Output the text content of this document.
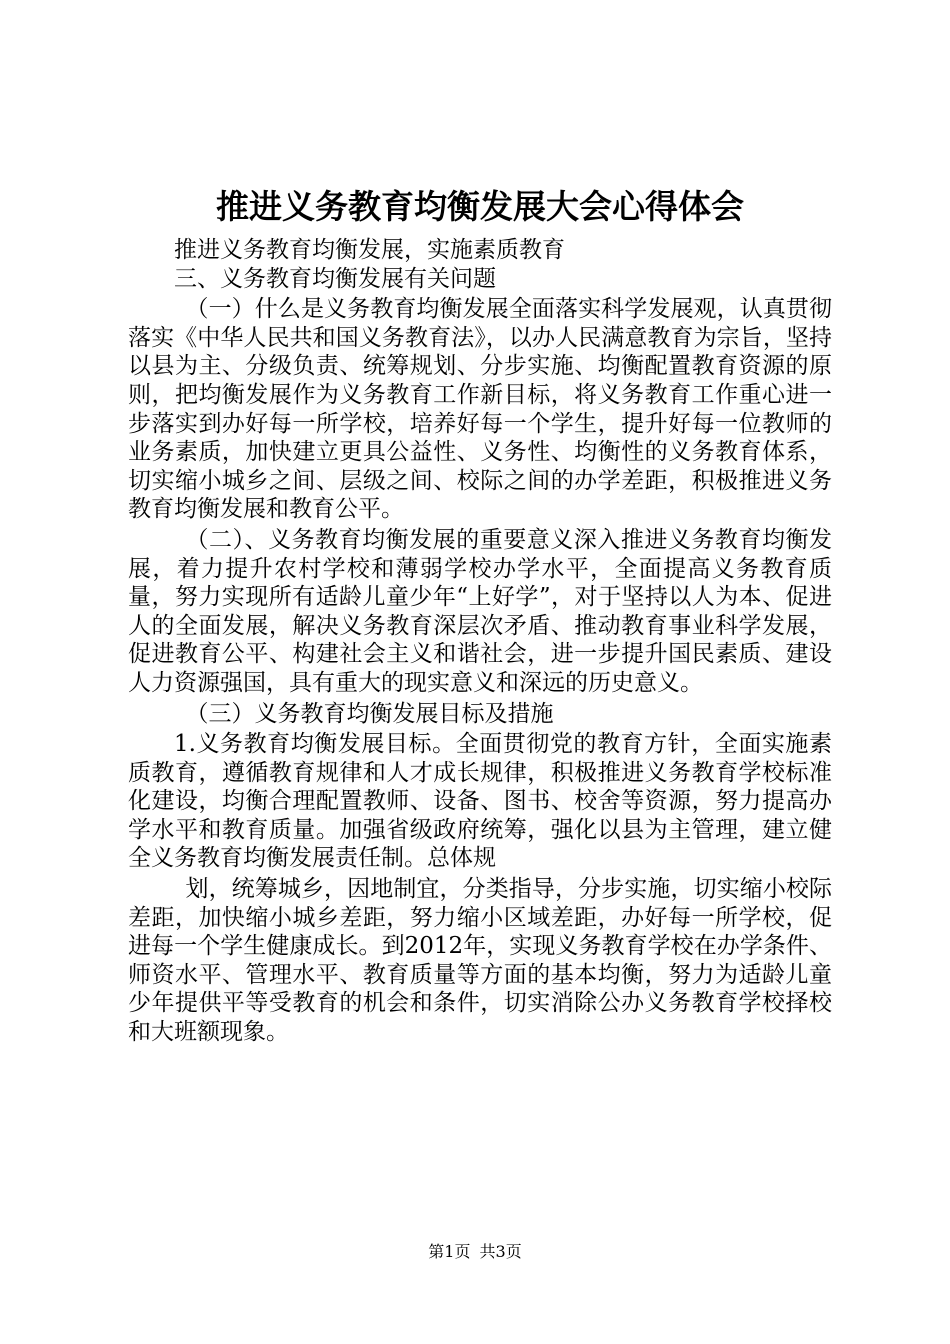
推进义务教育均衡发展大会心得体会

推进义务教育均衡发展，实施素质教育

三、义务教育均衡发展有关问题

（一）什么是义务教育均衡发展全面落实科学发展观，认真贯彻落实《中华人民共和国义务教育法》，以办人民满意教育为宗旨，坚持以县为主、分级负责、统筹规划、分步实施、均衡配置教育资源的原则，把均衡发展作为义务教育工作新目标，将义务教育工作重心进一步落实到办好每一所学校，培养好每一个学生，提升好每一位教师的业务素质，加快建立更具公益性、义务性、均衡性的义务教育体系，切实缩小城乡之间、层级之间、校际之间的办学差距，积极推进义务教育均衡发展和教育公平。

（二）、义务教育均衡发展的重要意义深入推进义务教育均衡发展，着力提升农村学校和薄弱学校办学水平，全面提高义务教育质量，努力实现所有适龄儿童少年“上好学”，对于坚持以人为本、促进人的全面发展，解决义务教育深层次矛盾、推动教育事业科学发展，促进教育公平、构建社会主义和谐社会，进一步提升国民素质、建设人力资源强国，具有重大的现实意义和深远的历史意义。

（三）义务教育均衡发展目标及措施

1.义务教育均衡发展目标。全面贯彻党的教育方针，全面实施素质教育，遵循教育规律和人才成长规律，积极推进义务教育学校标准化建设，均衡合理配置教师、设备、图书、校舍等资源，努力提高办学水平和教育质量。加强省级政府统筹，强化以县为主管理，建立健全义务教育均衡发展责任制。总体规

划，统筹城乡，因地制宜，分类指导，分步实施，切实缩小校际差距，加快缩小城乡差距，努力缩小区域差距，办好每一所学校，促进每一个学生健康成长。到2012年，实现义务教育学校在办学条件、师资水平、管理水平、教育质量等方面的基本均衡，努力为适龄儿童少年提供平等受教育的机会和条件，切实消除公办义务教育学校择校和大班额现象。

第1页 共3页
